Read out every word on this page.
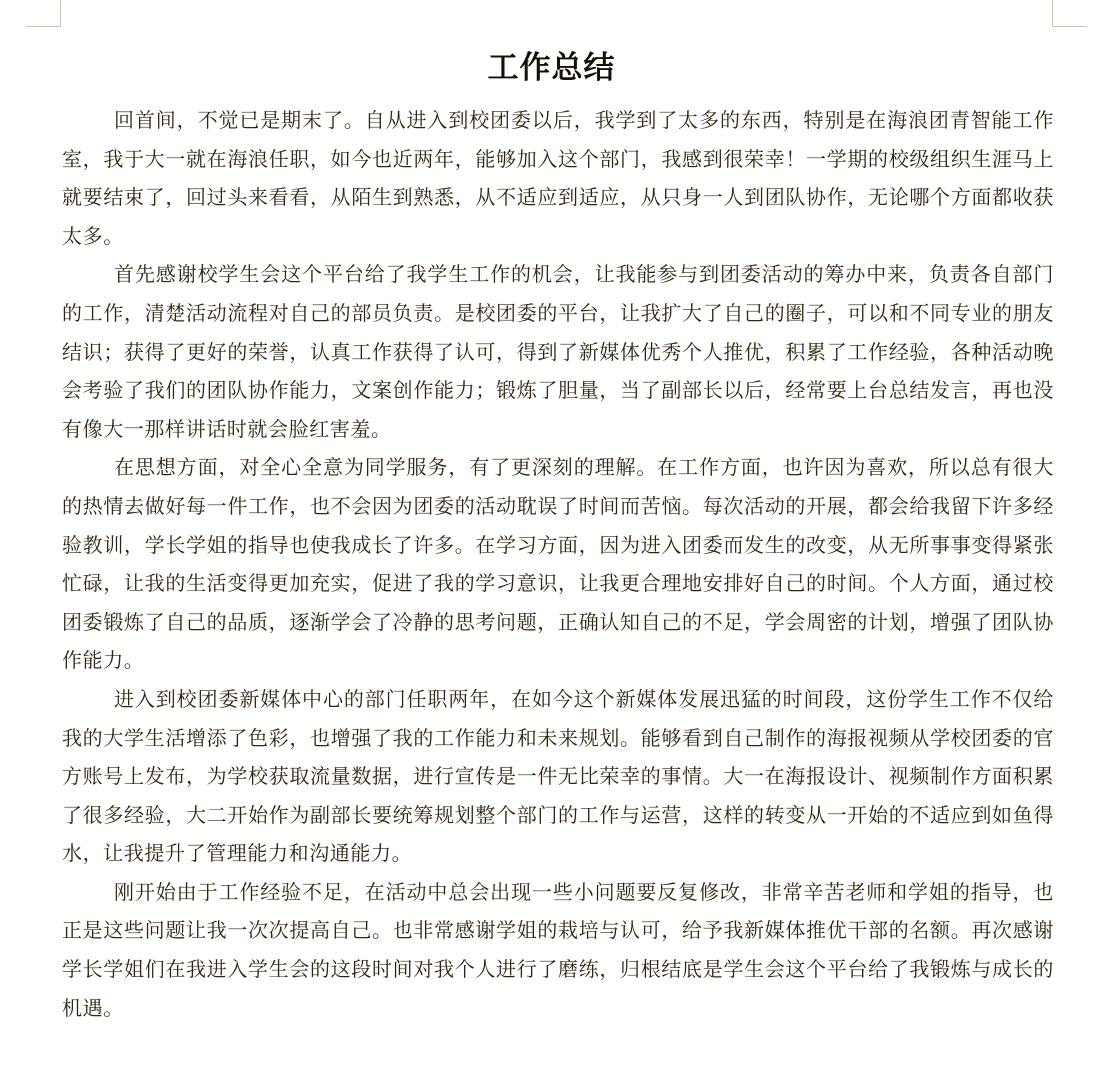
工作总结

回首间，不觉已是期末了。自从进入到校团委以后，我学到了太多的东西，特别是在海浪团青智能工作室，我于大一就在海浪任职，如今也近两年，能够加入这个部门，我感到很荣幸！一学期的校级组织生涯马上就要结束了，回过头来看看，从陌生到熟悉，从不适应到适应，从只身一人到团队协作，无论哪个方面都收获太多。

首先感谢校学生会这个平台给了我学生工作的机会，让我能参与到团委活动的筹办中来，负责各自部门的工作，清楚活动流程对自己的部员负责。是校团委的平台，让我扩大了自己的圈子，可以和不同专业的朋友结识；获得了更好的荣誉，认真工作获得了认可，得到了新媒体优秀个人推优，积累了工作经验，各种活动晚会考验了我们的团队协作能力，文案创作能力；锻炼了胆量，当了副部长以后，经常要上台总结发言，再也没有像大一那样讲话时就会脸红害羞。

在思想方面，对全心全意为同学服务，有了更深刻的理解。在工作方面，也许因为喜欢，所以总有很大的热情去做好每一件工作，也不会因为团委的活动耽误了时间而苦恼。每次活动的开展，都会给我留下许多经验教训，学长学姐的指导也使我成长了许多。在学习方面，因为进入团委而发生的改变，从无所事事变得紧张忙碌，让我的生活变得更加充实，促进了我的学习意识，让我更合理地安排好自己的时间。个人方面，通过校团委锻炼了自己的品质，逐渐学会了冷静的思考问题，正确认知自己的不足，学会周密的计划，增强了团队协作能力。

进入到校团委新媒体中心的部门任职两年，在如今这个新媒体发展迅猛的时间段，这份学生工作不仅给我的大学生活增添了色彩，也增强了我的工作能力和未来规划。能够看到自己制作的海报视频从学校团委的官方账号上发布，为学校获取流量数据，进行宣传是一件无比荣幸的事情。大一在海报设计、视频制作方面积累了很多经验，大二开始作为副部长要统筹规划整个部门的工作与运营，这样的转变从一开始的不适应到如鱼得水，让我提升了管理能力和沟通能力。

刚开始由于工作经验不足，在活动中总会出现一些小问题要反复修改，非常辛苦老师和学姐的指导，也正是这些问题让我一次次提高自己。也非常感谢学姐的栽培与认可，给予我新媒体推优干部的名额。再次感谢学长学姐们在我进入学生会的这段时间对我个人进行了磨练，归根结底是学生会这个平台给了我锻炼与成长的机遇。
